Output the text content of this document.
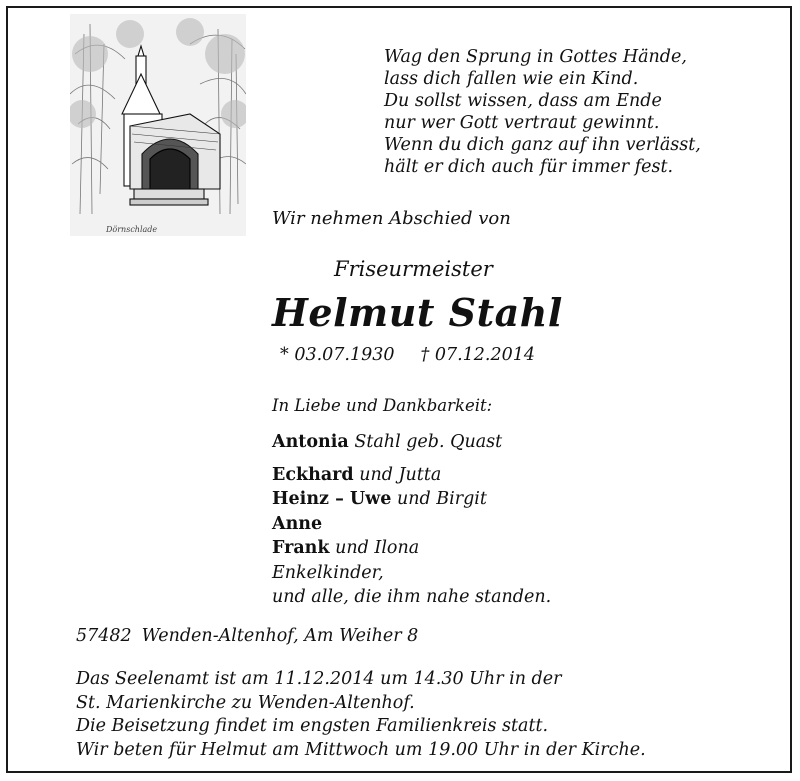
Dörnschlade
Wag den Sprung in Gottes Hände,
lass dich fallen wie ein Kind.
Du sollst wissen, dass am Ende
nur wer Gott vertraut gewinnt.
Wenn du dich ganz auf ihn verlässt,
hält er dich auch für immer fest.
Wir nehmen Abschied von
Friseurmeister
Helmut Stahl
* 03.07.1930 † 07.12.2014
In Liebe und Dankbarkeit:
Antonia Stahl geb. Quast
Eckhard und Jutta
Heinz – Uwe und Birgit
Anne
Frank und Ilona
Enkelkinder,
und alle, die ihm nahe standen.
57482 Wenden-Altenhof, Am Weiher 8
Das Seelenamt ist am 11.12.2014 um 14.30 Uhr in der
St. Marienkirche zu Wenden-Altenhof.
Die Beisetzung findet im engsten Familienkreis statt.
Wir beten für Helmut am Mittwoch um 19.00 Uhr in der Kirche.
